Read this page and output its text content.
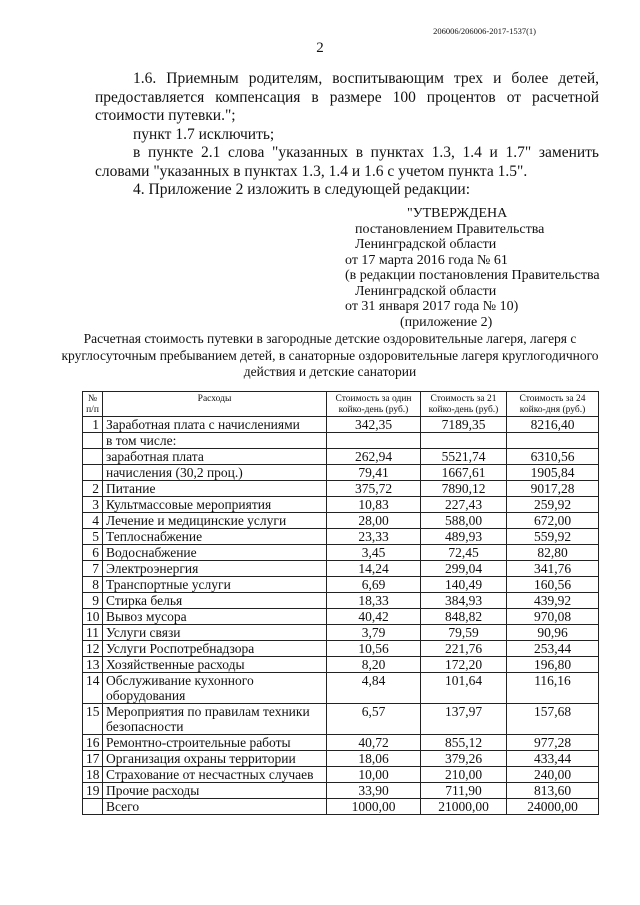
206006/206006-2017-1537(1)
2

1.6. Приемным родителям, воспитывающим трех и более детей, предоставляется компенсация в размере 100 процентов от расчетной стоимости путевки.";

пункт 1.7 исключить;

в пункте 2.1 слова "указанных в пунктах 1.3, 1.4 и 1.7" заменить словами "указанных в пунктах 1.3, 1.4 и 1.6 с учетом пункта 1.5".

4. Приложение 2 изложить в следующей редакции:

"УТВЕРЖДЕНА
постановлением Правительства
Ленинградской области
от 17 марта 2016 года № 61
(в редакции постановления Правительства
Ленинградской области
от 31 января 2017 года № 10)
(приложение 2)
Расчетная стоимость путевки в загородные детские оздоровительные лагеря, лагеря с круглосуточным пребыванием детей, в санаторные оздоровительные лагеря круглогодичного действия и детские санатории
№ п/п	Расходы	Стоимость за один койко-день (руб.)	Стоимость за 21 койко-день (руб.)	Стоимость за 24 койко-дня (руб.)
1	Заработная плата с начислениями	342,35	7189,35	8216,40
	в том числе:			
	заработная плата	262,94	5521,74	6310,56
	начисления (30,2 проц.)	79,41	1667,61	1905,84
2	Питание	375,72	7890,12	9017,28
3	Культмассовые мероприятия	10,83	227,43	259,92
4	Лечение и медицинские услуги	28,00	588,00	672,00
5	Теплоснабжение	23,33	489,93	559,92
6	Водоснабжение	3,45	72,45	82,80
7	Электроэнергия	14,24	299,04	341,76
8	Транспортные услуги	6,69	140,49	160,56
9	Стирка белья	18,33	384,93	439,92
10	Вывоз мусора	40,42	848,82	970,08
11	Услуги связи	3,79	79,59	90,96
12	Услуги Роспотребнадзора	10,56	221,76	253,44
13	Хозяйственные расходы	8,20	172,20	196,80
14	Обслуживание кухонного оборудования	4,84	101,64	116,16
15	Мероприятия по правилам техники безопасности	6,57	137,97	157,68
16	Ремонтно-строительные работы	40,72	855,12	977,28
17	Организация охраны территории	18,06	379,26	433,44
18	Страхование от несчастных случаев	10,00	210,00	240,00
19	Прочие расходы	33,90	711,90	813,60
	Всего	1000,00	21000,00	24000,00
